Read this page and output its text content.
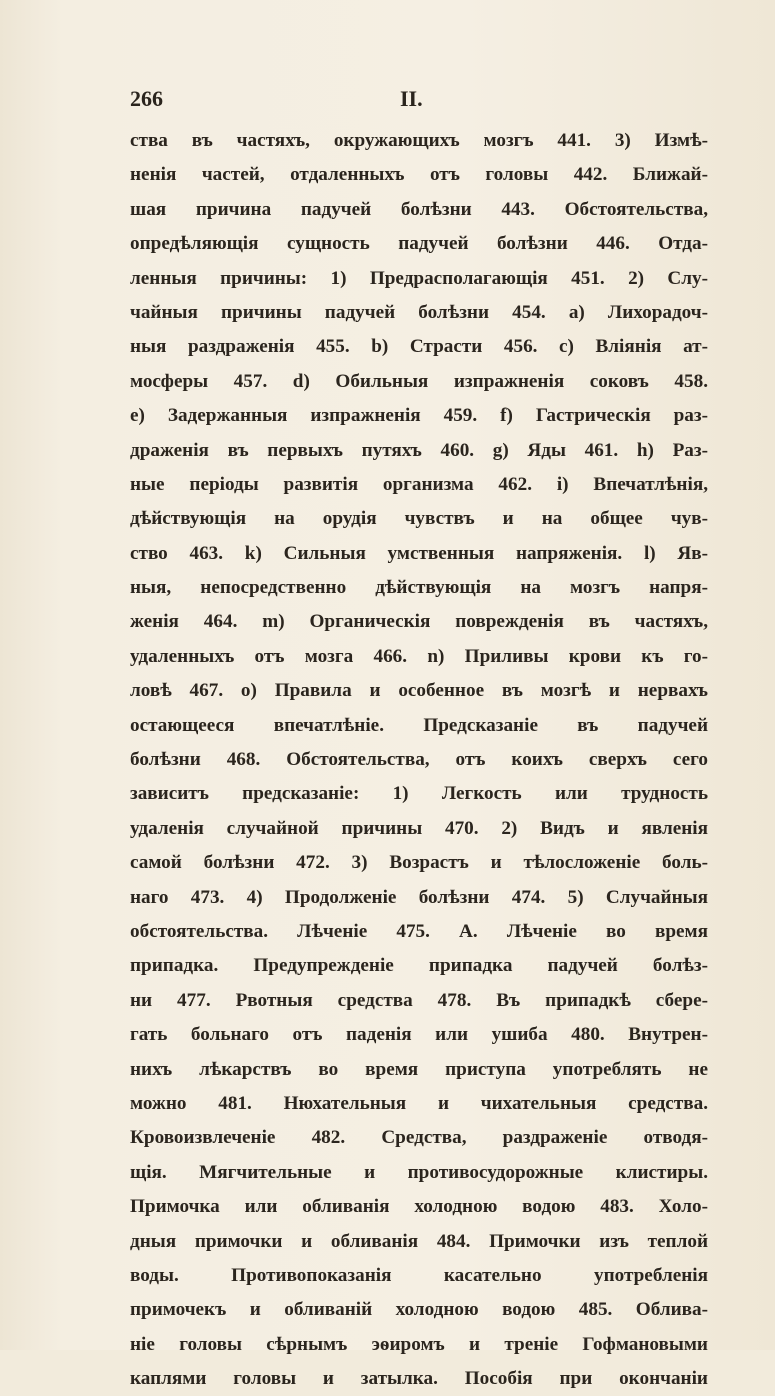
266	II.
ства въ частяхъ, окружающихъ мозгъ 441. 3) Измѣ-
ненія частей, отдаленныхъ отъ головы 442. Ближай-
шая причина падучей болѣзни 443. Обстоятельства,
опредѣляющія сущность падучей болѣзни 446. Отда-
ленныя причины: 1) Предрасполагающія 451. 2) Слу-
чайныя причины падучей болѣзни 454. a) Лихорадоч-
ныя раздраженія 455. b) Страсти 456. c) Вліянія ат-
мосферы 457. d) Обильныя изпражненія соковъ 458.
e) Задержанныя изпражненія 459. f) Гастрическія раз-
драженія въ первыхъ путяхъ 460. g) Яды 461. h) Раз-
ные періоды развитія организма 462. i) Впечатлѣнія,
дѣйствующія на орудія чувствъ и на общее чув-
ство 463. k) Сильныя умственныя напряженія. l) Яв-
ныя, непосредственно дѣйствующія на мозгъ напря-
женія 464. m) Органическія поврежденія въ частяхъ,
удаленныхъ отъ мозга 466. n) Приливы крови къ го-
ловѣ 467. o) Правила и особенное въ мозгѣ и нервахъ
остающееся впечатлѣніе. Предсказаніе въ падучей
болѣзни 468. Обстоятельства, отъ коихъ сверхъ сего
зависитъ предсказаніе: 1) Легкость или трудность
удаленія случайной причины 470. 2) Видъ и явленія
самой болѣзни 472. 3) Возрастъ и тѣлосложеніе боль-
наго 473. 4) Продолженіе болѣзни 474. 5) Случайныя
обстоятельства. Лѣченіе 475. А. Лѣченіе во время
припадка. Предупрежденіе припадка падучей болѣз-
ни 477. Рвотныя средства 478. Въ припадкѣ сбере-
гать больнаго отъ паденія или ушиба 480. Внутрен-
нихъ лѣкарствъ во время приступа употреблять не
можно 481. Нюхательныя и чихательныя средства.
Кровоизвлеченіе 482. Средства, раздраженіе отводя-
щія. Мягчительные и противосудорожные клистиры.
Примочка или обливанія холодною водою 483. Холо-
дныя примочки и обливанія 484. Примочки изъ теплой
воды. Противопоказанія касательно употребленія
примочекъ и обливаній холодною водою 485. Облива-
ніе головы сѣрнымъ эѳиромъ и треніе Гофмановыми
каплями головы и затылка. Пособія при окончаніи
